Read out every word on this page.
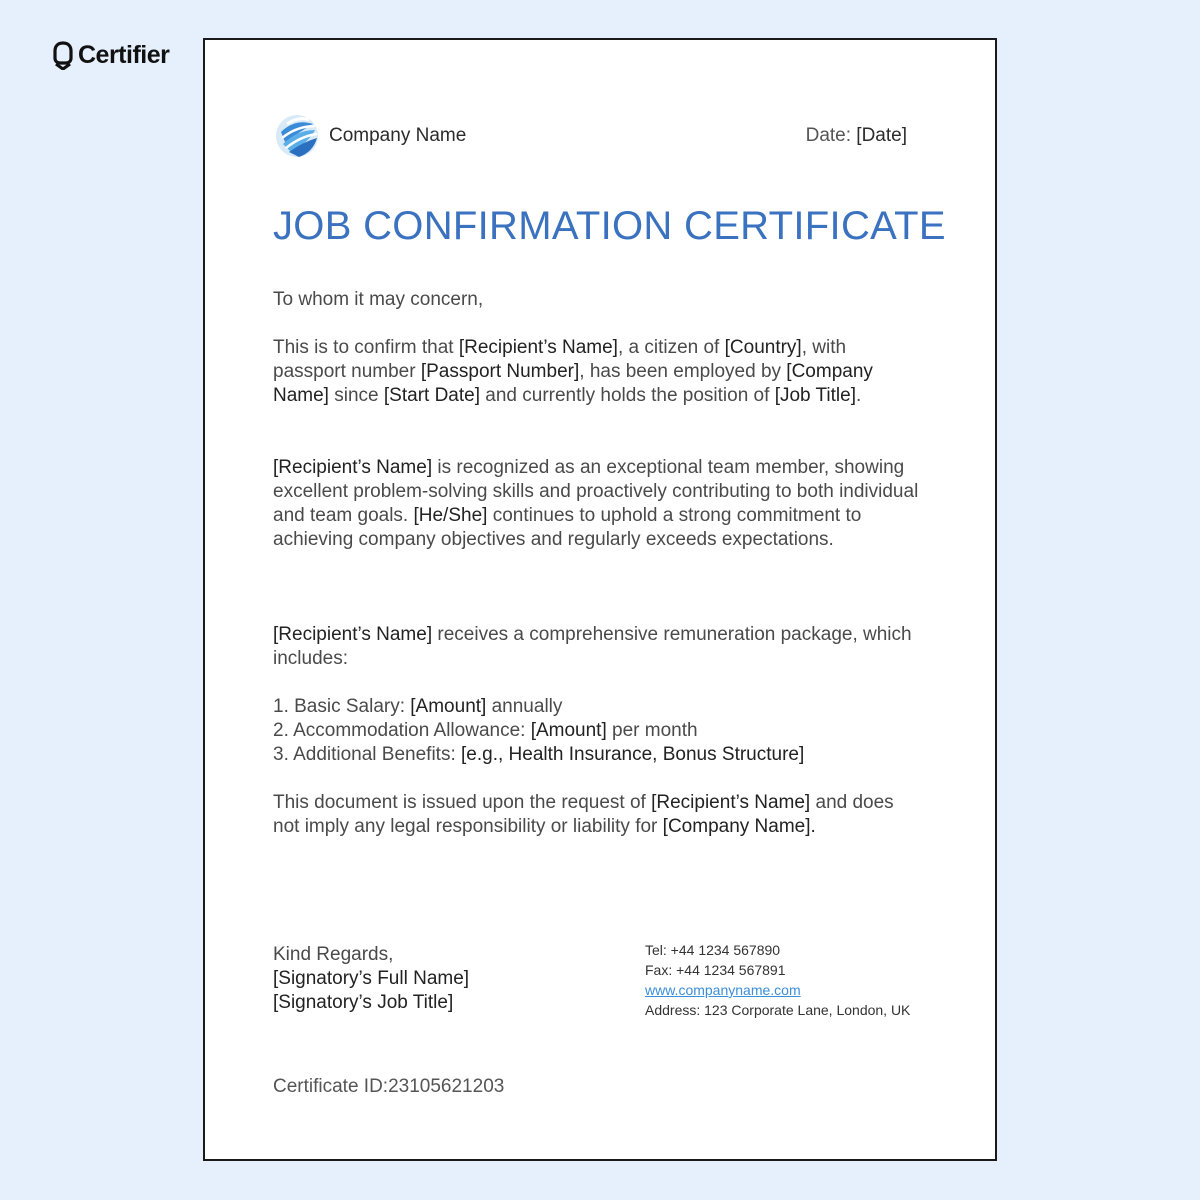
Certifier
Company Name	Date: [Date]
JOB CONFIRMATION CERTIFICATE
To whom it may concern,

This is to confirm that [Recipient’s Name], a citizen of [Country], with passport number [Passport Number], has been employed by [Company Name] since [Start Date] and currently holds the position of [Job Title].

[Recipient’s Name] is recognized as an exceptional team member, showing excellent problem-solving skills and proactively contributing to both individual and team goals. [He/She] continues to uphold a strong commitment to achieving company objectives and regularly exceeds expectations.

[Recipient’s Name] receives a comprehensive remuneration package, which includes:

1. Basic Salary: [Amount] annually

2. Accommodation Allowance: [Amount] per month

3. Additional Benefits: [e.g., Health Insurance, Bonus Structure]

This document is issued upon the request of [Recipient’s Name] and does not imply any legal responsibility or liability for [Company Name].

Kind Regards,
[Signatory’s Full Name]
[Signatory’s Job Title]
Tel: +44 1234 567890
Fax: +44 1234 567891
www.companyname.com
Address: 123 Corporate Lane, London, UK
Certificate ID:23105621203
